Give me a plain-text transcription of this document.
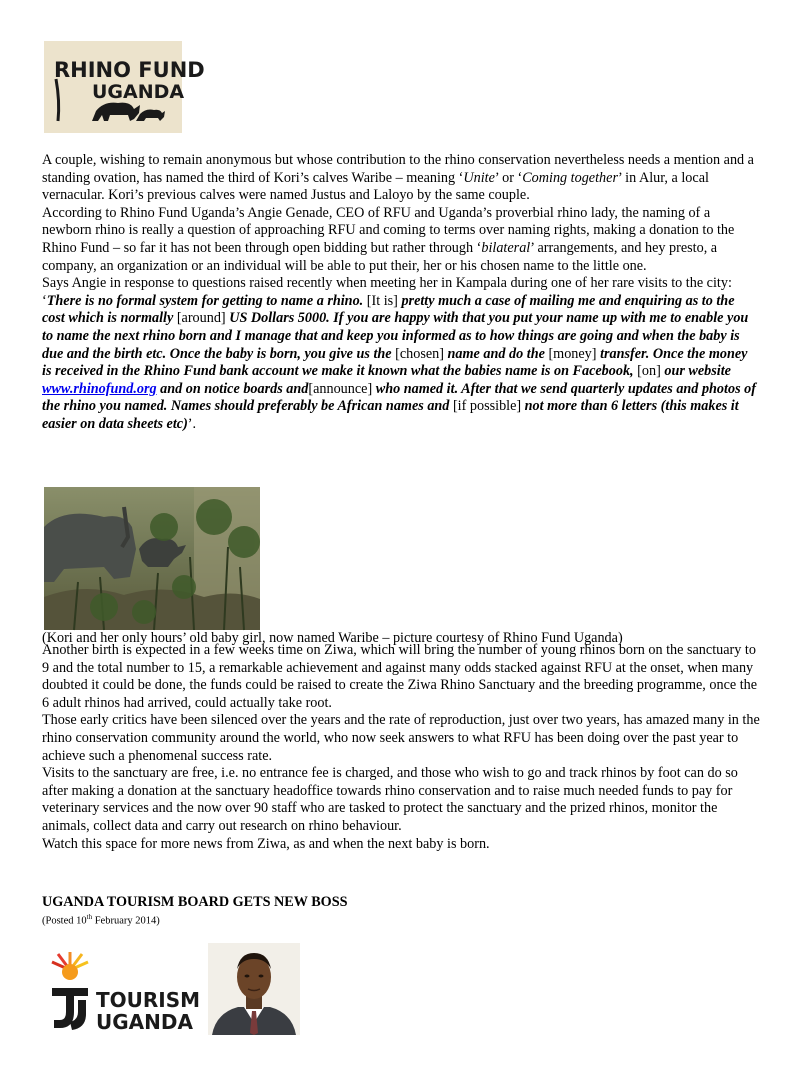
RHINO FUND
UGANDA

A couple, wishing to remain anonymous but whose contribution to the rhino conservation nevertheless needs a mention and a standing ovation, has named the third of Kori’s calves Waribe – meaning ‘Unite’ or ‘Coming together’ in Alur, a local vernacular. Kori’s previous calves were named Justus and Laloyo by the same couple.

According to Rhino Fund Uganda’s Angie Genade, CEO of RFU and Uganda’s proverbial rhino lady, the naming of a newborn rhino is really a question of approaching RFU and coming to terms over naming rights, making a donation to the Rhino Fund – so far it has not been through open bidding but rather through ‘bilateral’ arrangements, and hey presto, a company, an organization or an individual will be able to put their, her or his chosen name to the little one.

Says Angie in response to questions raised recently when meeting her in Kampala during one of her rare visits to the city: ‘There is no formal system for getting to name a rhino. [It is] pretty much a case of mailing me and enquiring as to the cost which is normally [around] US Dollars 5000. If you are happy with that you put your name up with me to enable you to name the next rhino born and I manage that and keep you informed as to how things are going and when the baby is due and the birth etc. Once the baby is born, you give us the [chosen] name and do the [money] transfer. Once the money is received in the Rhino Fund bank account we make it known what the babies name is on Facebook, [on] our website www.rhinofund.org and on notice boards and[announce] who named it. After that we send quarterly updates and photos of the rhino you named. Names should preferably be African names and [if possible] not more than 6 letters (this makes it easier on data sheets etc)’.

(Kori and her only hours’ old baby girl, now named Waribe – picture courtesy of Rhino Fund Uganda)

Another birth is expected in a few weeks time on Ziwa, which will bring the number of young rhinos born on the sanctuary to 9 and the total number to 15, a remarkable achievement and against many odds stacked against RFU at the onset, when many doubted it could be done, the funds could be raised to create the Ziwa Rhino Sanctuary and the breeding programme, once the 6 adult rhinos had arrived, could actually take root.

Those early critics have been silenced over the years and the rate of reproduction, just over two years, has amazed many in the rhino conservation community around the world, who now seek answers to what RFU has been doing over the past year to achieve such a phenomenal success rate.

Visits to the sanctuary are free, i.e. no entrance fee is charged, and those who wish to go and track rhinos by foot can do so after making a donation at the sanctuary headoffice towards rhino conservation and to raise much needed funds to pay for veterinary services and the now over 90 staff who are tasked to protect the sanctuary and the prized rhinos, monitor the animals, collect data and carry out research on rhino behaviour.

Watch this space for more news from Ziwa, as and when the next baby is born.

UGANDA TOURISM BOARD GETS NEW BOSS

(Posted 10th February 2014)

TOURISM
UGANDA
